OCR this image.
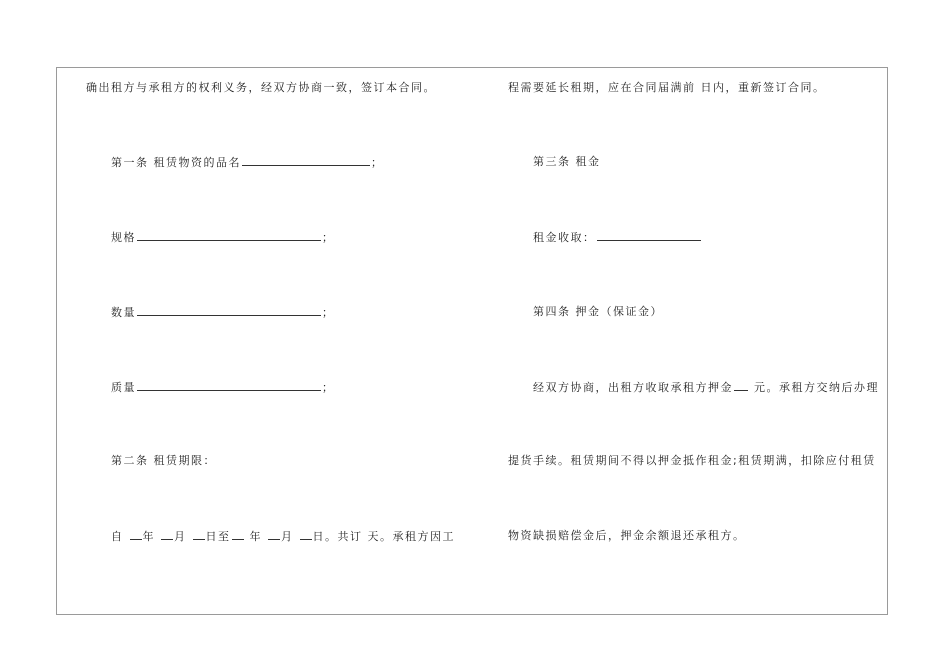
确出租方与承租方的权利义务，经双方协商一致，签订本合同。
第一条 租赁物资的品名	；
规格	；
数量	；
质量	；
第二条 租赁期限：
自 年 月 日至 年 月 日。共订 天。承租方因工
程需要延长租期，应在合同届满前 日内，重新签订合同。
第三条 租金
租金收取：
第四条 押金（保证金）
经双方协商，出租方收取承租方押金 元。承租方交纳后办理
提货手续。租赁期间不得以押金抵作租金;租赁期满，扣除应付租赁
物资缺损赔偿金后，押金余额退还承租方。
